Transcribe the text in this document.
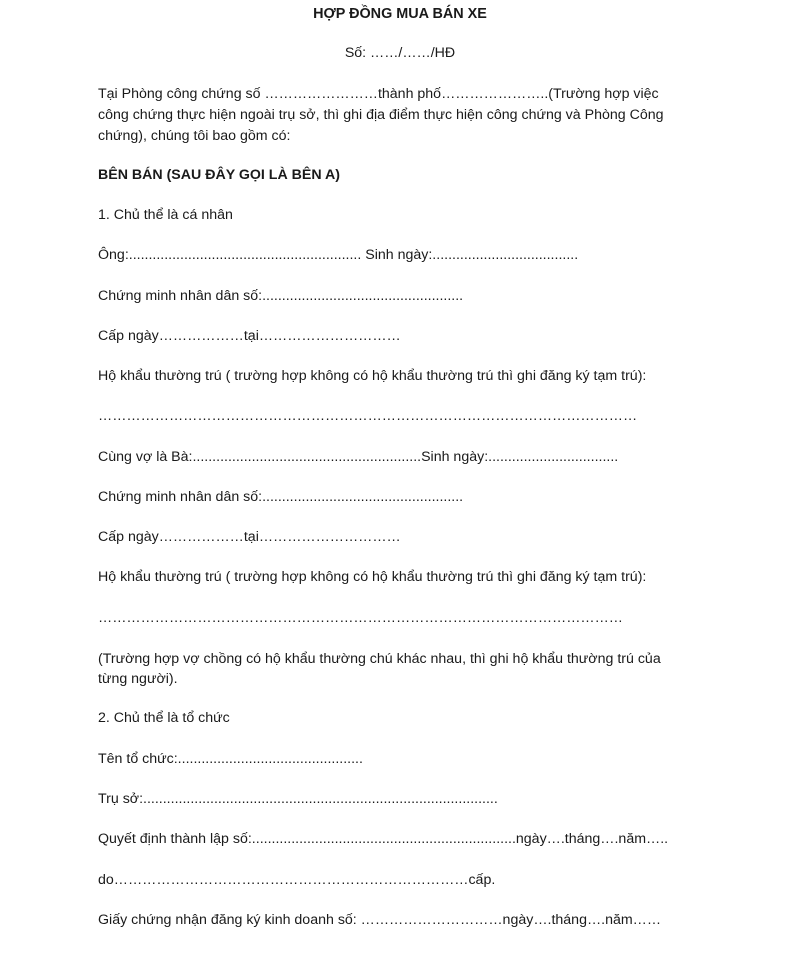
HỢP ĐỒNG MUA BÁN XE
Số: ……/……/HĐ
Tại Phòng công chứng số ……………………thành phố…………………..(Trường hợp việc
công chứng thực hiện ngoài trụ sở, thì ghi địa điểm thực hiện công chứng và Phòng Công
chứng), chúng tôi bao gồm có:
BÊN BÁN (SAU ĐÂY GỌI LÀ BÊN A)
1. Chủ thể là cá nhân
Ông:........................................................... Sinh ngày:.....................................
Chứng minh nhân dân số:...................................................
Cấp ngày………………tại…………………………
Hộ khẩu thường trú ( trường hợp không có hộ khẩu thường trú thì ghi đăng ký tạm trú):
……………………………………………………………………………………………………
Cùng vợ là Bà:..........................................................Sinh ngày:.................................
Chứng minh nhân dân số:...................................................
Cấp ngày………………tại…………………………
Hộ khẩu thường trú ( trường hợp không có hộ khẩu thường trú thì ghi đăng ký tạm trú):
…………………………………………………………………………………………………
(Trường hợp vợ chồng có hộ khẩu thường chú khác nhau, thì ghi hộ khẩu thường trú của
từng người).
2. Chủ thể là tổ chức
Tên tổ chức:...............................................
Trụ sở:..........................................................................................
Quyết định thành lập số:...................................................................ngày….tháng….năm…..
do…………………………………………………………………cấp.
Giấy chứng nhận đăng ký kinh doanh số: …………………………ngày….tháng….năm……
